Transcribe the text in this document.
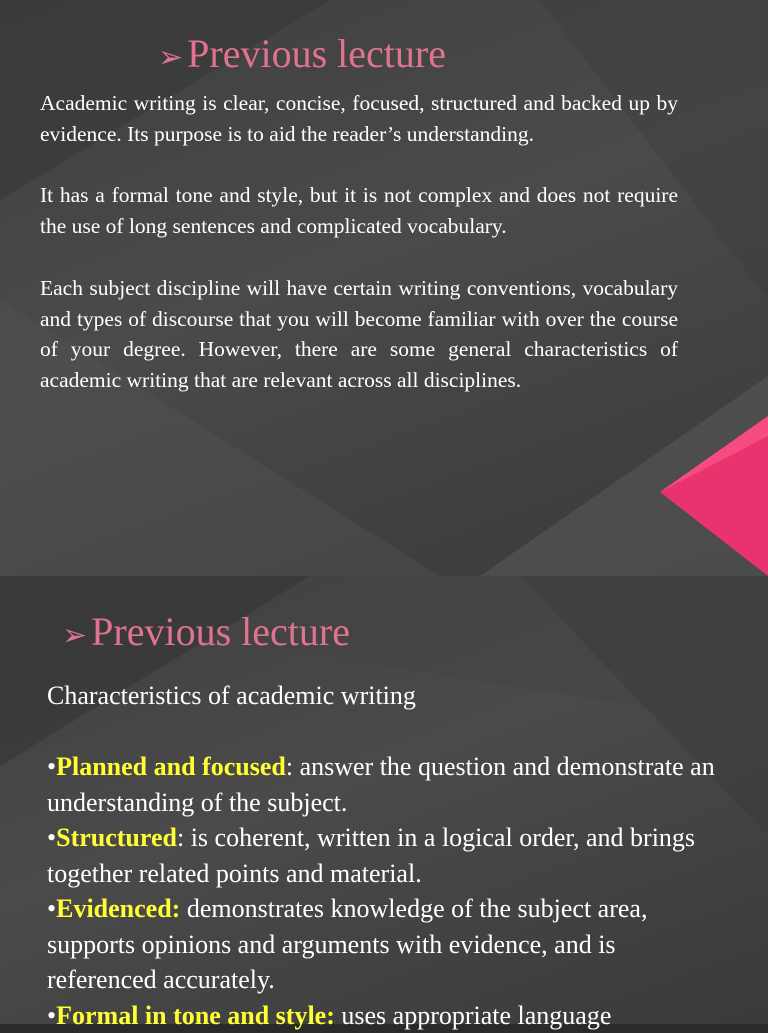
➢ Previous lecture

Academic writing is clear, concise, focused, structured and backed up by evidence. Its purpose is to aid the reader’s understanding.

It has a formal tone and style, but it is not complex and does not require the use of long sentences and complicated vocabulary.

Each subject discipline will have certain writing conventions, vocabulary and types of discourse that you will become familiar with over the course of your degree. However, there are some general characteristics of academic writing that are relevant across all disciplines.

➢ Previous lecture

Characteristics of academic writing

•Planned and focused: answer the question and demonstrate an understanding of the subject.

•Structured: is coherent, written in a logical order, and brings together related points and material.

•Evidenced: demonstrates knowledge of the subject area, supports opinions and arguments with evidence, and is referenced accurately.

•Formal in tone and style: uses appropriate language
